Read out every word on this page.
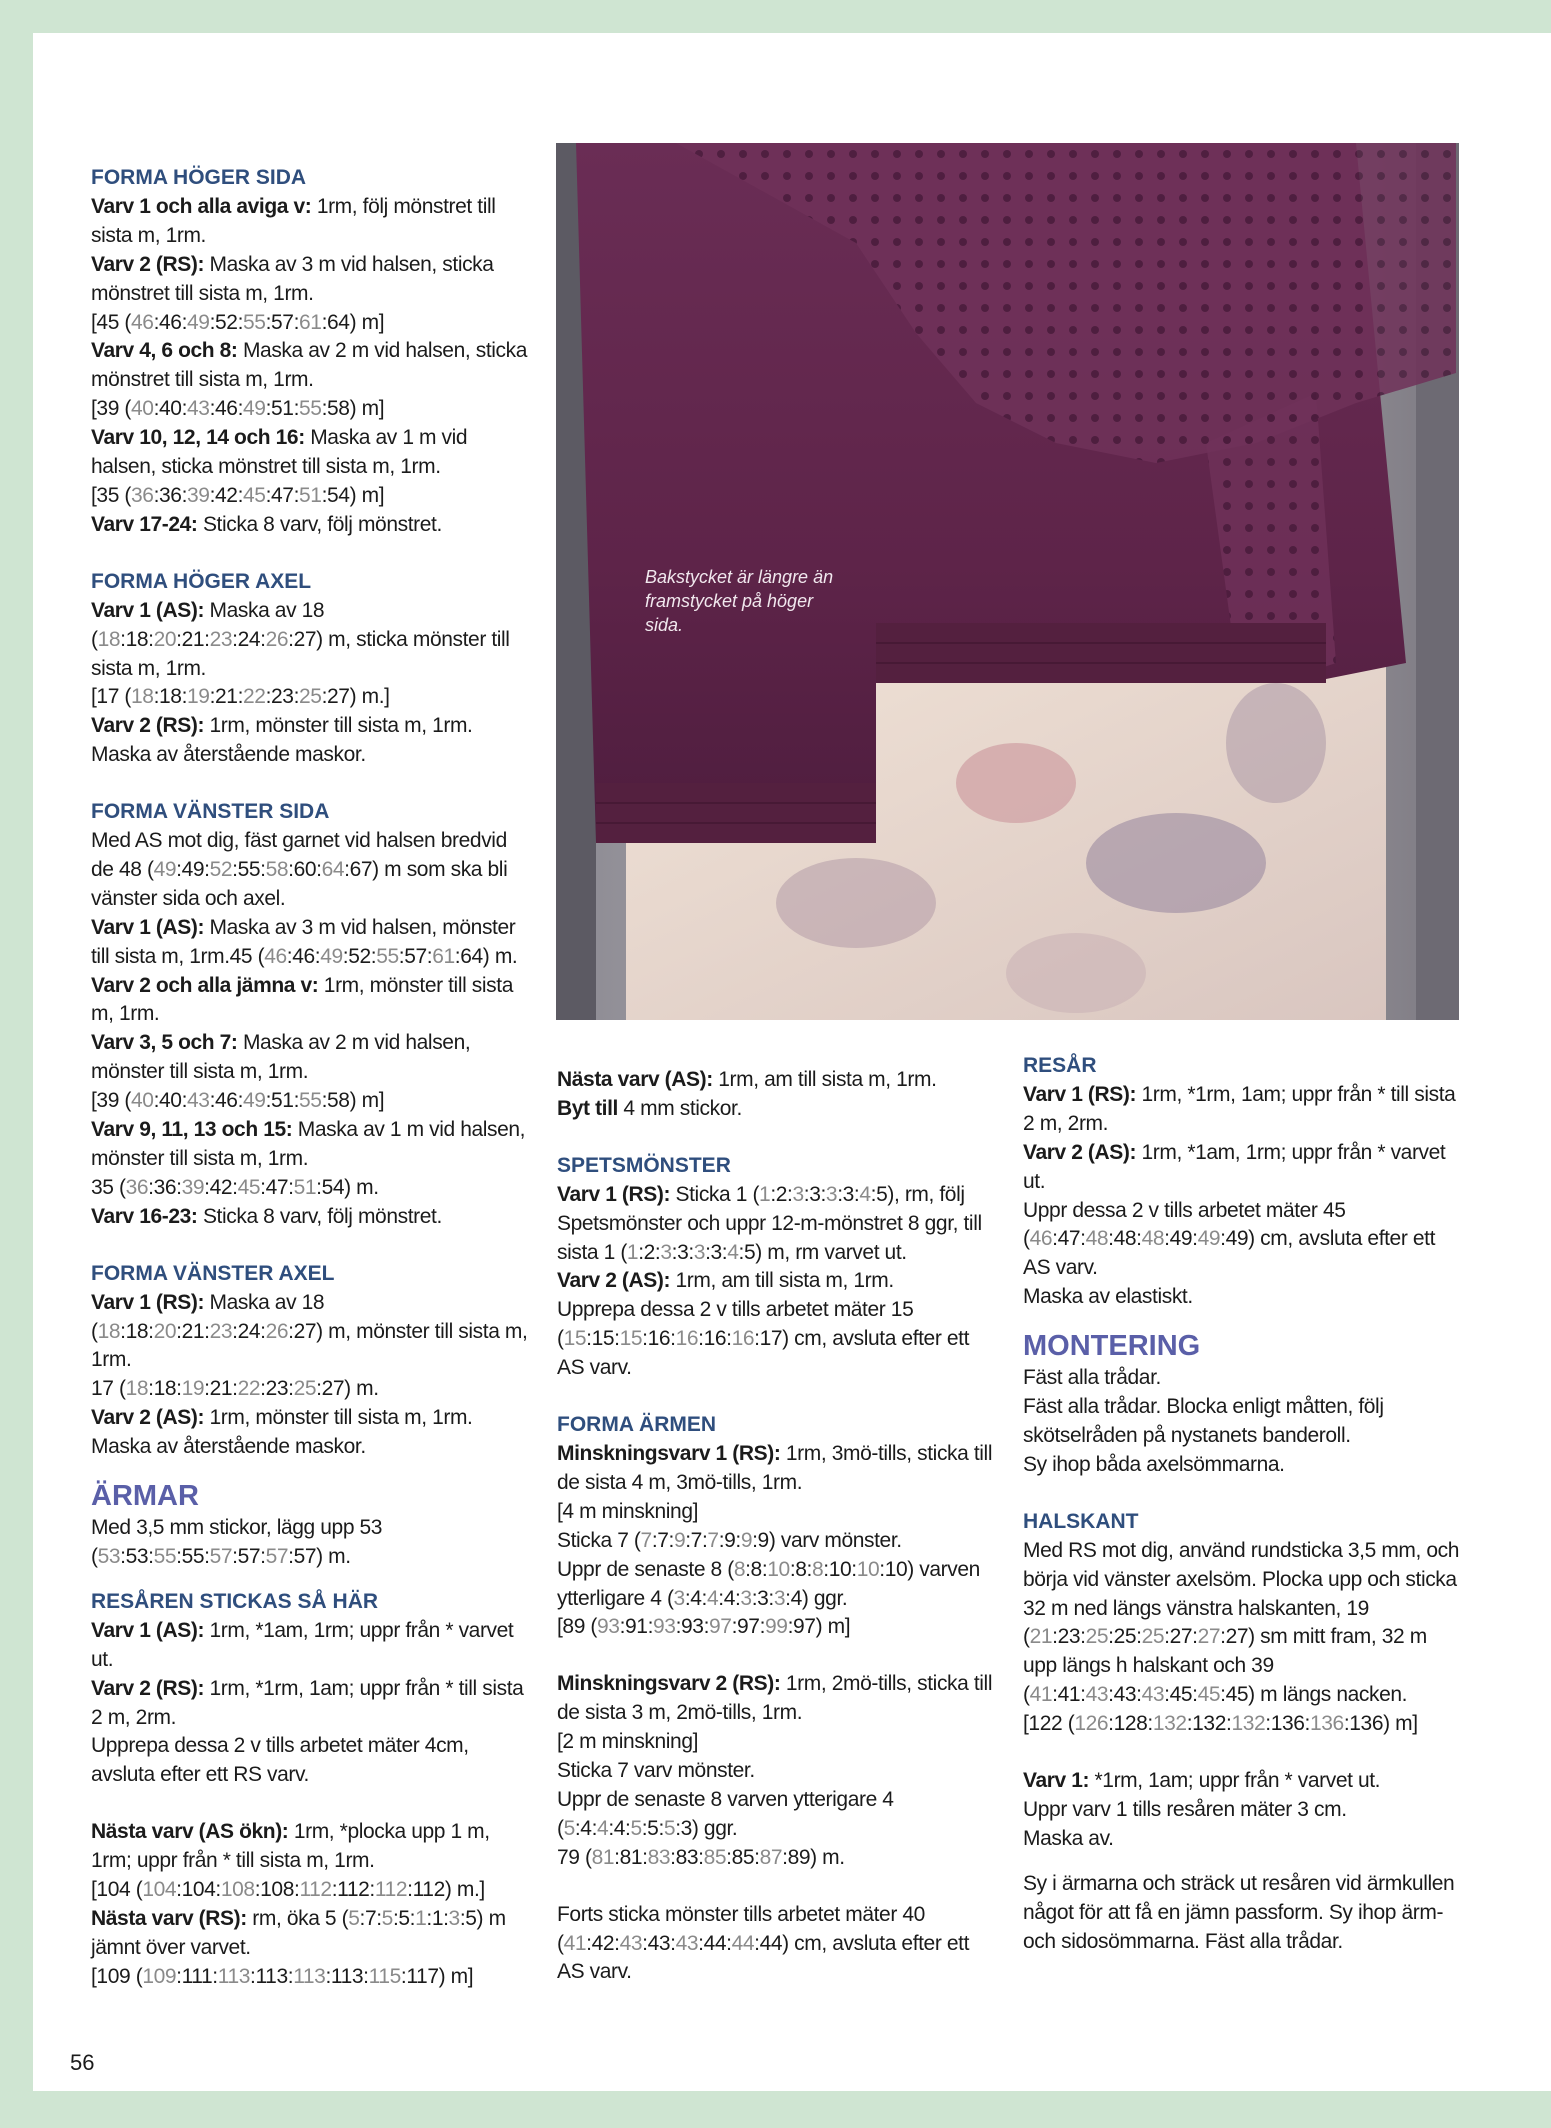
Bakstycket är längre än framstycket på höger sida.

FORMA HÖGER SIDA

Varv 1 och alla aviga v: 1rm, följ mönstret till sista m, 1rm.

Varv 2 (RS): Maska av 3 m vid halsen, sticka mönstret till sista m, 1rm.

[45 (46:46:49:52:55:57:61:64) m]

Varv 4, 6 och 8: Maska av 2 m vid halsen, sticka mönstret till sista m, 1rm.

[39 (40:40:43:46:49:51:55:58) m]

Varv 10, 12, 14 och 16: Maska av 1 m vid halsen, sticka mönstret till sista m, 1rm.

[35 (36:36:39:42:45:47:51:54) m]

Varv 17-24: Sticka 8 varv, följ mönstret.

FORMA HÖGER AXEL

Varv 1 (AS): Maska av 18 (18:18:20:21:23:24:26:27) m, sticka mönster till sista m, 1rm.

[17 (18:18:19:21:22:23:25:27) m.]

Varv 2 (RS): 1rm, mönster till sista m, 1rm. Maska av återstående maskor.

FORMA VÄNSTER SIDA

Med AS mot dig, fäst garnet vid halsen bredvid de 48 (49:49:52:55:58:60:64:67) m som ska bli vänster sida och axel.

Varv 1 (AS): Maska av 3 m vid halsen, mönster till sista m, 1rm.45 (46:46:49:52:55:57:61:64) m.

Varv 2 och alla jämna v: 1rm, mönster till sista m, 1rm.

Varv 3, 5 och 7: Maska av 2 m vid halsen, mönster till sista m, 1rm.

[39 (40:40:43:46:49:51:55:58) m]

Varv 9, 11, 13 och 15: Maska av 1 m vid halsen, mönster till sista m, 1rm.

35 (36:36:39:42:45:47:51:54) m.

Varv 16-23: Sticka 8 varv, följ mönstret.

FORMA VÄNSTER AXEL

Varv 1 (RS): Maska av 18 (18:18:20:21:23:24:26:27) m, mönster till sista m, 1rm.

17 (18:18:19:21:22:23:25:27) m.

Varv 2 (AS): 1rm, mönster till sista m, 1rm. Maska av återstående maskor.

ÄRMAR

Med 3,5 mm stickor, lägg upp 53 (53:53:55:55:57:57:57:57) m.

RESÅREN STICKAS SÅ HÄR

Varv 1 (AS): 1rm, *1am, 1rm; uppr från * varvet ut.

Varv 2 (RS): 1rm, *1rm, 1am; uppr från * till sista 2 m, 2rm.

Upprepa dessa 2 v tills arbetet mäter 4cm, avsluta efter ett RS varv.

Nästa varv (AS ökn): 1rm, *plocka upp 1 m, 1rm; uppr från * till sista m, 1rm.

[104 (104:104:108:108:112:112:112:112) m.]

Nästa varv (RS): rm, öka 5 (5:7:5:5:1:1:3:5) m jämnt över varvet.

[109 (109:111:113:113:113:113:115:117) m]

Nästa varv (AS): 1rm, am till sista m, 1rm.

Byt till 4 mm stickor.

SPETSMÖNSTER

Varv 1 (RS): Sticka 1 (1:2:3:3:3:3:4:5), rm, följ Spetsmönster och uppr 12-m-mönstret 8 ggr, till sista 1 (1:2:3:3:3:3:4:5) m, rm varvet ut.

Varv 2 (AS): 1rm, am till sista m, 1rm.

Upprepa dessa 2 v tills arbetet mäter 15 (15:15:15:16:16:16:16:17) cm, avsluta efter ett AS varv.

FORMA ÄRMEN

Minskningsvarv 1 (RS): 1rm, 3mö-tills, sticka till de sista 4 m, 3mö-tills, 1rm.

[4 m minskning]

Sticka 7 (7:7:9:7:7:9:9:9) varv mönster.

Uppr de senaste 8 (8:8:10:8:8:10:10:10) varven ytterligare 4 (3:4:4:4:3:3:3:4) ggr.

[89 (93:91:93:93:97:97:99:97) m]

Minskningsvarv 2 (RS): 1rm, 2mö-tills, sticka till de sista 3 m, 2mö-tills, 1rm.

[2 m minskning]

Sticka 7 varv mönster.

Uppr de senaste 8 varven ytterigare 4 (5:4:4:4:5:5:5:3) ggr.

79 (81:81:83:83:85:85:87:89) m.

Forts sticka mönster tills arbetet mäter 40 (41:42:43:43:43:44:44:44) cm, avsluta efter ett AS varv.

RESÅR

Varv 1 (RS): 1rm, *1rm, 1am; uppr från * till sista 2 m, 2rm.

Varv 2 (AS): 1rm, *1am, 1rm; uppr från * varvet ut.

Uppr dessa 2 v tills arbetet mäter 45 (46:47:48:48:48:49:49:49) cm, avsluta efter ett AS varv.

Maska av elastiskt.

MONTERING

Fäst alla trådar.

Fäst alla trådar. Blocka enligt måtten, följ skötselråden på nystanets banderoll.

Sy ihop båda axelsömmarna.

HALSKANT

Med RS mot dig, använd rundsticka 3,5 mm, och börja vid vänster axelsöm. Plocka upp och sticka 32 m ned längs vänstra halskanten, 19 (21:23:25:25:25:27:27:27) sm mitt fram, 32 m upp längs h halskant och 39 (41:41:43:43:43:45:45:45) m längs nacken.

[122 (126:128:132:132:132:136:136:136) m]

Varv 1: *1rm, 1am; uppr från * varvet ut.

Uppr varv 1 tills resåren mäter 3 cm.

Maska av.

Sy i ärmarna och sträck ut resåren vid ärmkullen något för att få en jämn passform. Sy ihop ärm- och sidosömmarna. Fäst alla trådar.

56
